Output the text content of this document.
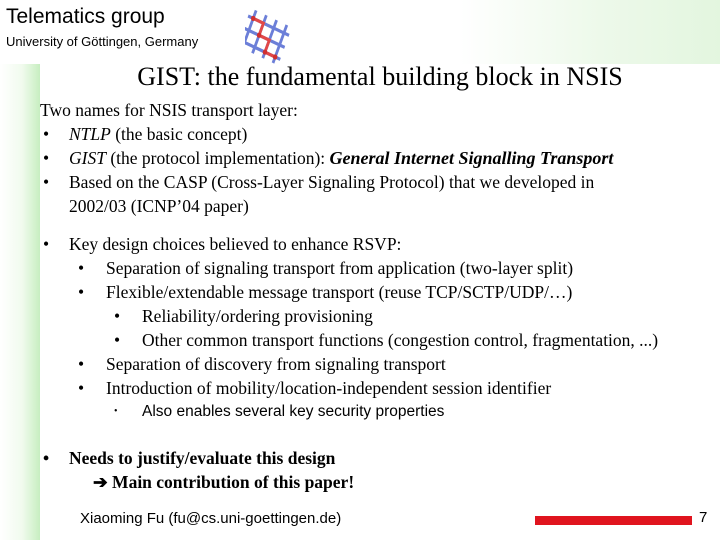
Telematics group
University of Göttingen, Germany
GIST: the fundamental building block in NSIS
Two names for NSIS transport layer:
•	NTLP (the basic concept)
•	GIST (the protocol implementation): General Internet Signalling Transport
•	Based on the CASP (Cross-Layer Signaling Protocol) that we developed in
2002/03 (ICNP’04 paper)
•	Key design choices believed to enhance RSVP:
•	Separation of signaling transport from application (two-layer split)
•	Flexible/extendable message transport (reuse TCP/SCTP/UDP/…)
•	Reliability/ordering provisioning
•	Other common transport functions (congestion control, fragmentation, ...)
•	Separation of discovery from signaling transport
•	Introduction of mobility/location-independent session identifier
•	Also enables several key security properties
•	Needs to justify/evaluate this design
➔ Main contribution of this paper!
Xiaoming Fu (fu@cs.uni-goettingen.de)	7
